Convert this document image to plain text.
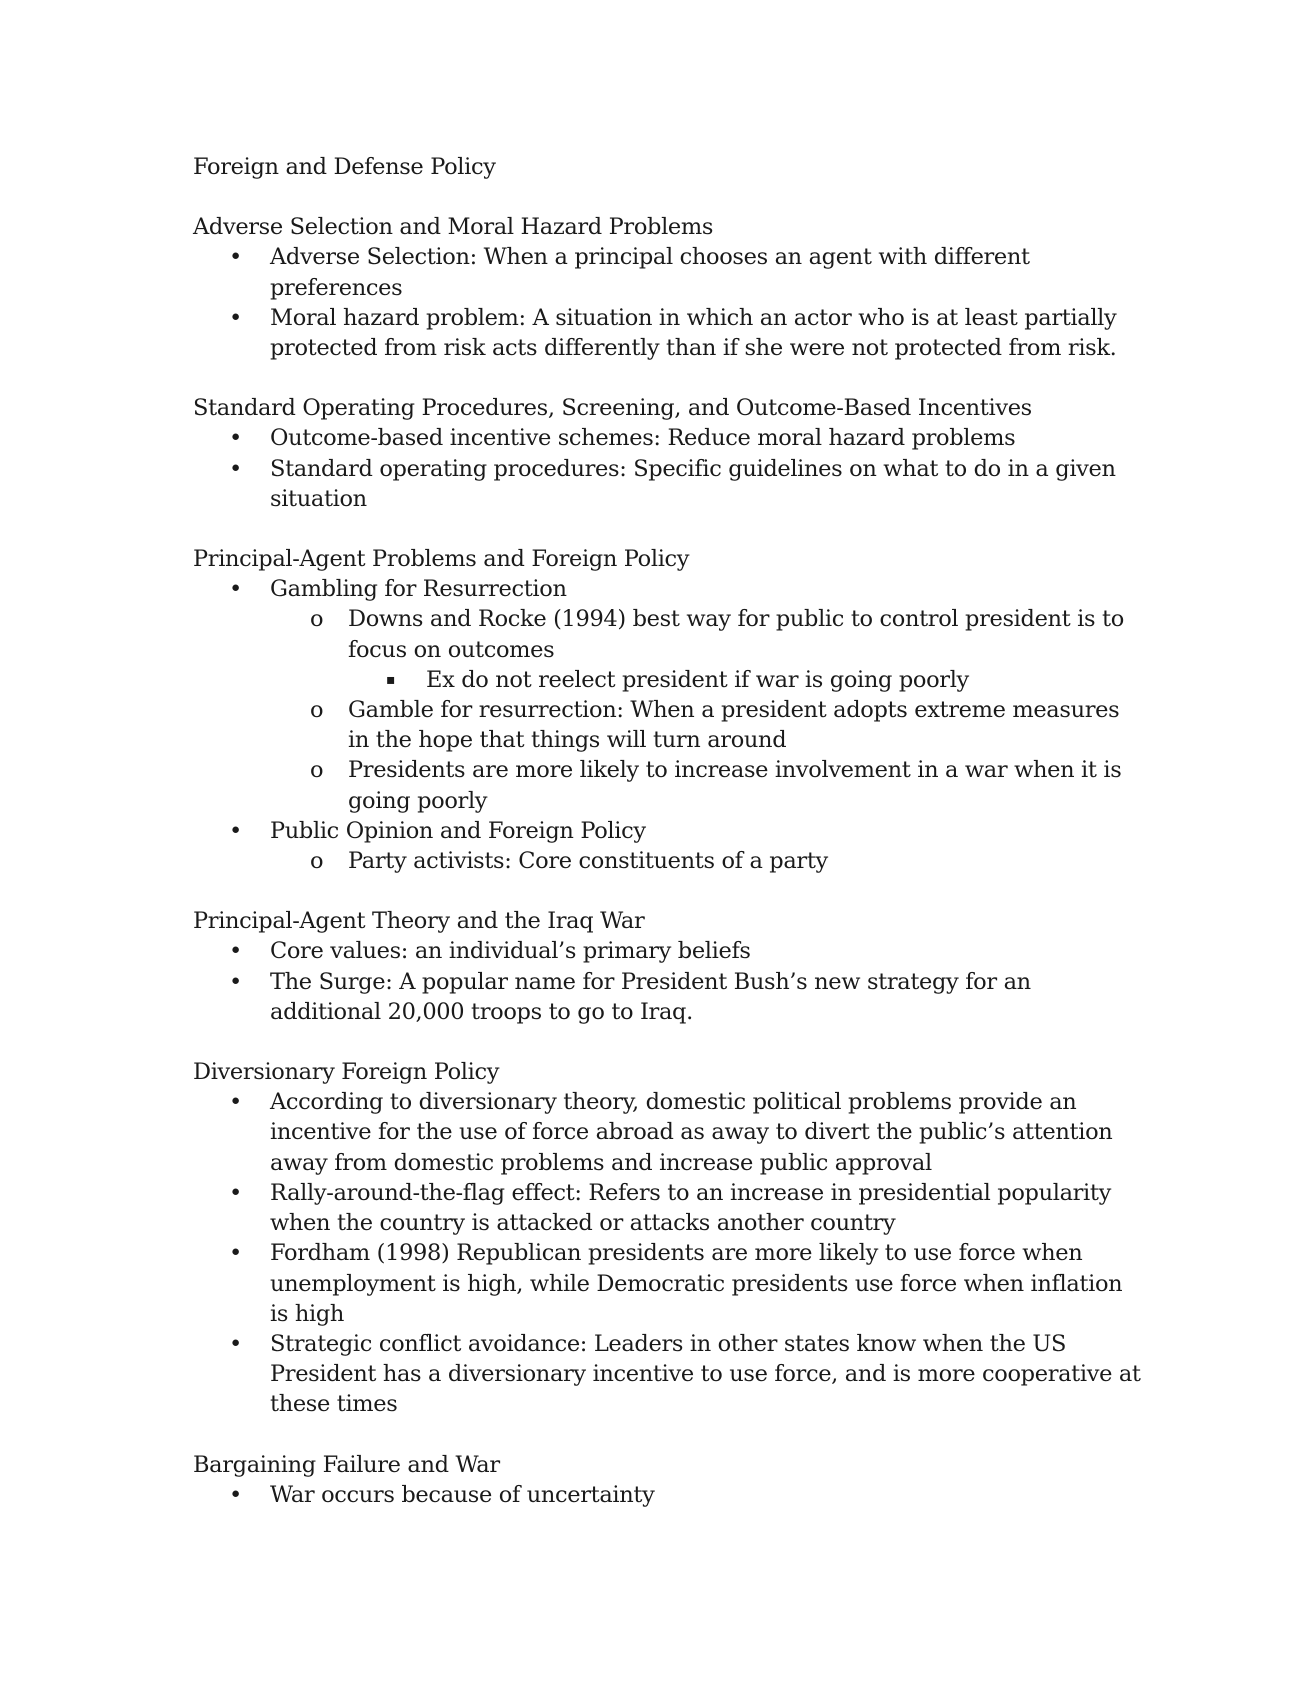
Foreign and Defense Policy
Adverse Selection and Moral Hazard Problems
•
Adverse Selection: When a principal chooses an agent with different preferences
•
Moral hazard problem: A situation in which an actor who is at least partially protected from risk acts differently than if she were not protected from risk.
Standard Operating Procedures, Screening, and Outcome-Based Incentives
•
Outcome-based incentive schemes: Reduce moral hazard problems
•
Standard operating procedures: Specific guidelines on what to do in a given situation
Principal-Agent Problems and Foreign Policy
•
Gambling for Resurrection
o
Downs and Rocke (1994) best way for public to control president is to focus on outcomes
▪
Ex do not reelect president if war is going poorly
o
Gamble for resurrection: When a president adopts extreme measures in the hope that things will turn around
o
Presidents are more likely to increase involvement in a war when it is going poorly
•
Public Opinion and Foreign Policy
o
Party activists: Core constituents of a party
Principal-Agent Theory and the Iraq War
•
Core values: an individual’s primary beliefs
•
The Surge: A popular name for President Bush’s new strategy for an additional 20,000 troops to go to Iraq.
Diversionary Foreign Policy
•
According to diversionary theory, domestic political problems provide an incentive for the use of force abroad as away to divert the public’s attention away from domestic problems and increase public approval
•
Rally-around-the-flag effect: Refers to an increase in presidential popularity when the country is attacked or attacks another country
•
Fordham (1998) Republican presidents are more likely to use force when unemployment is high, while Democratic presidents use force when inflation is high
•
Strategic conflict avoidance: Leaders in other states know when the US President has a diversionary incentive to use force, and is more cooperative at these times
Bargaining Failure and War
•
War occurs because of uncertainty
